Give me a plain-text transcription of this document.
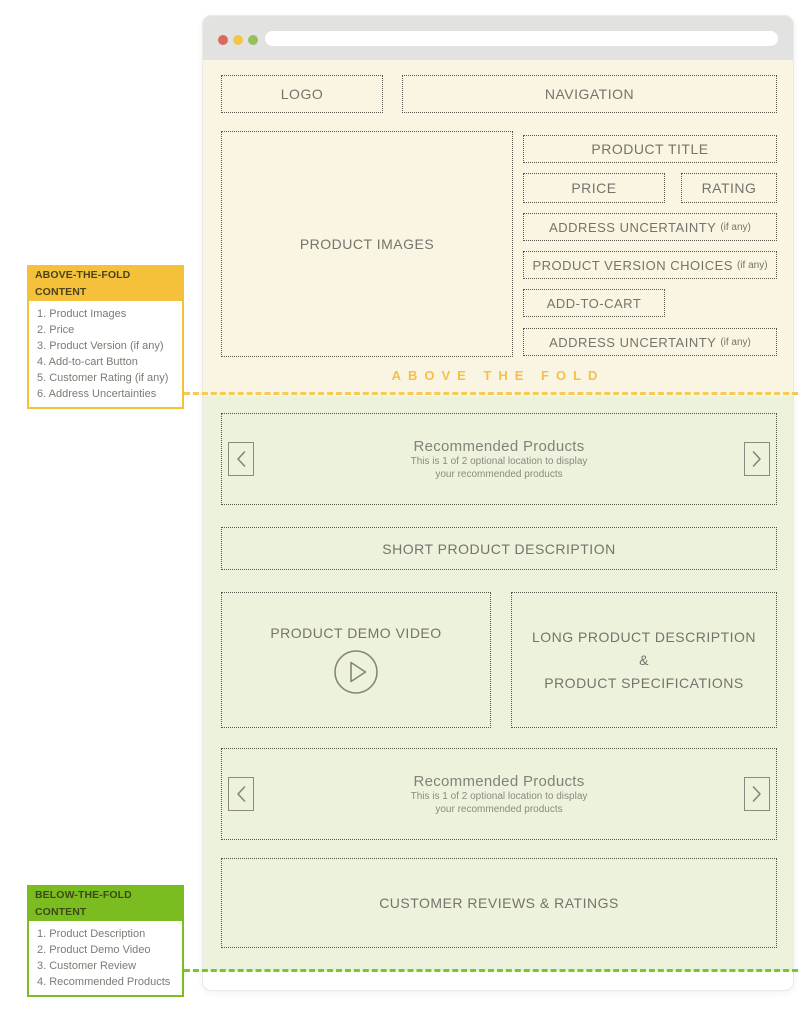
ABOVE-THE-FOLD CONTENT
1. Product Images
2. Price
3. Product Version (if any)
4. Add-to-cart Button
5. Customer Rating (if any)
6. Address Uncertainties
BELOW-THE-FOLD CONTENT
1. Product Description
2. Product Demo Video
3. Customer Review
4. Recommended Products
LOGO	NAVIGATION
PRODUCT IMAGES
PRODUCT TITLE
PRICE	RATING
ADDRESS UNCERTAINTY (if any)
PRODUCT VERSION CHOICES (if any)
ADD-TO-CART
ADDRESS UNCERTAINTY (if any)
ABOVE THE FOLD
Recommended Products
This is 1 of 2 optional location to display
your recommended products
SHORT PRODUCT DESCRIPTION
PRODUCT DEMO VIDEO	LONG PRODUCT DESCRIPTION
&
PRODUCT SPECIFICATIONS
Recommended Products
This is 1 of 2 optional location to display
your recommended products
CUSTOMER REVIEWS & RATINGS
